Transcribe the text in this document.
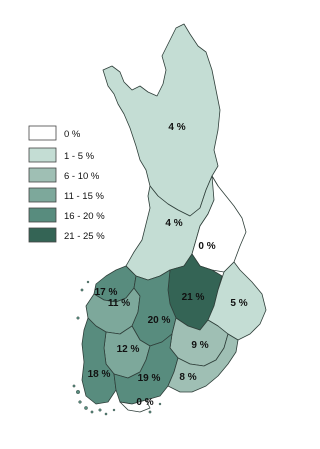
4 %
4 %
0 %
17 %
11 %
21 %
5 %
20 %
9 %
12 %
18 %	19 % 8 %
0 %
0 %
1 - 5 %
6 - 10 %
11 - 15 %
16 - 20 %
21 - 25 %
